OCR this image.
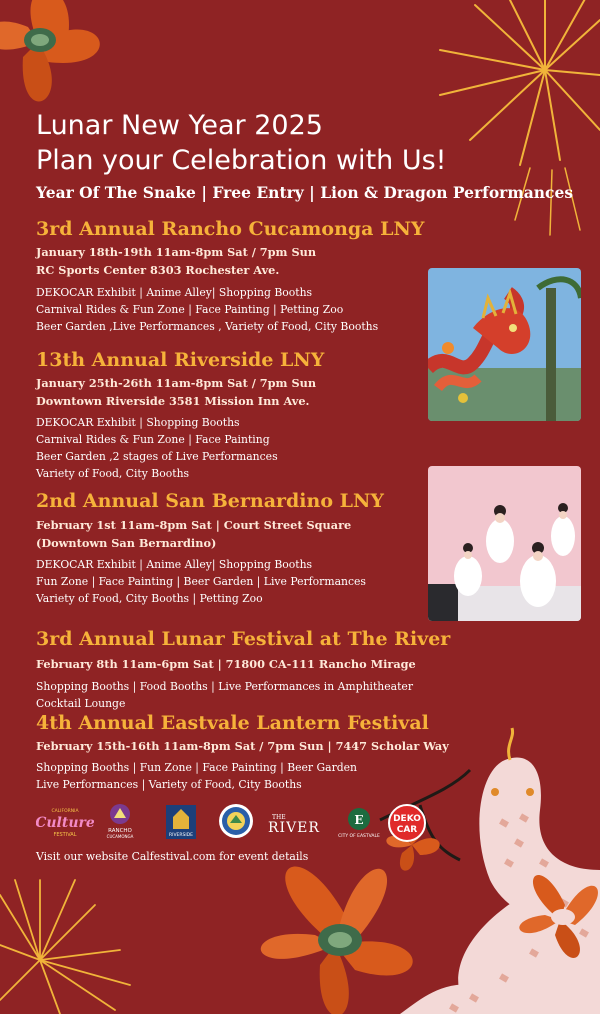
Lunar New Year 2025
Plan your Celebration with Us!
Year Of The Snake | Free Entry | Lion & Dragon Performances
3rd Annual Rancho Cucamonga LNY
January 18th-19th 11am-8pm Sat / 7pm Sun
RC Sports Center 8303 Rochester Ave.
DEKOCAR Exhibit | Anime Alley| Shopping Booths
Carnival Rides & Fun Zone | Face Painting | Petting Zoo
Beer Garden ,Live Performances , Variety of Food, City Booths
13th Annual Riverside LNY
January 25th-26th 11am-8pm Sat / 7pm Sun
Downtown Riverside 3581 Mission Inn Ave.
DEKOCAR Exhibit | Shopping Booths
Carnival Rides & Fun Zone | Face Painting
Beer Garden ,2 stages of Live Performances
Variety of Food, City Booths
2nd Annual San Bernardino LNY
February 1st 11am-8pm Sat | Court Street Square
(Downtown San Bernardino)
DEKOCAR Exhibit | Anime Alley| Shopping Booths
Fun Zone | Face Painting | Beer Garden | Live Performances
Variety of Food, City Booths | Petting Zoo
3rd Annual Lunar Festival at The River
February 8th 11am-6pm Sat | 71800 CA-111 Rancho Mirage
Shopping Booths | Food Booths | Live Performances in Amphitheater
Cocktail Lounge
4th Annual Eastvale Lantern Festival
February 15th-16th 11am-8pm Sat / 7pm Sun | 7447 Scholar Way
Shopping Booths | Fun Zone | Face Painting | Beer Garden
Live Performances | Variety of Food, City Booths
CALIFORNIA
Culture
FESTIVAL
RANCHO
CUCAMONGA	RIVERSIDE
THE
RIVER	E
CITY OF EASTVALE
DEKO
CAR
Visit our website Calfestival.com for event details
